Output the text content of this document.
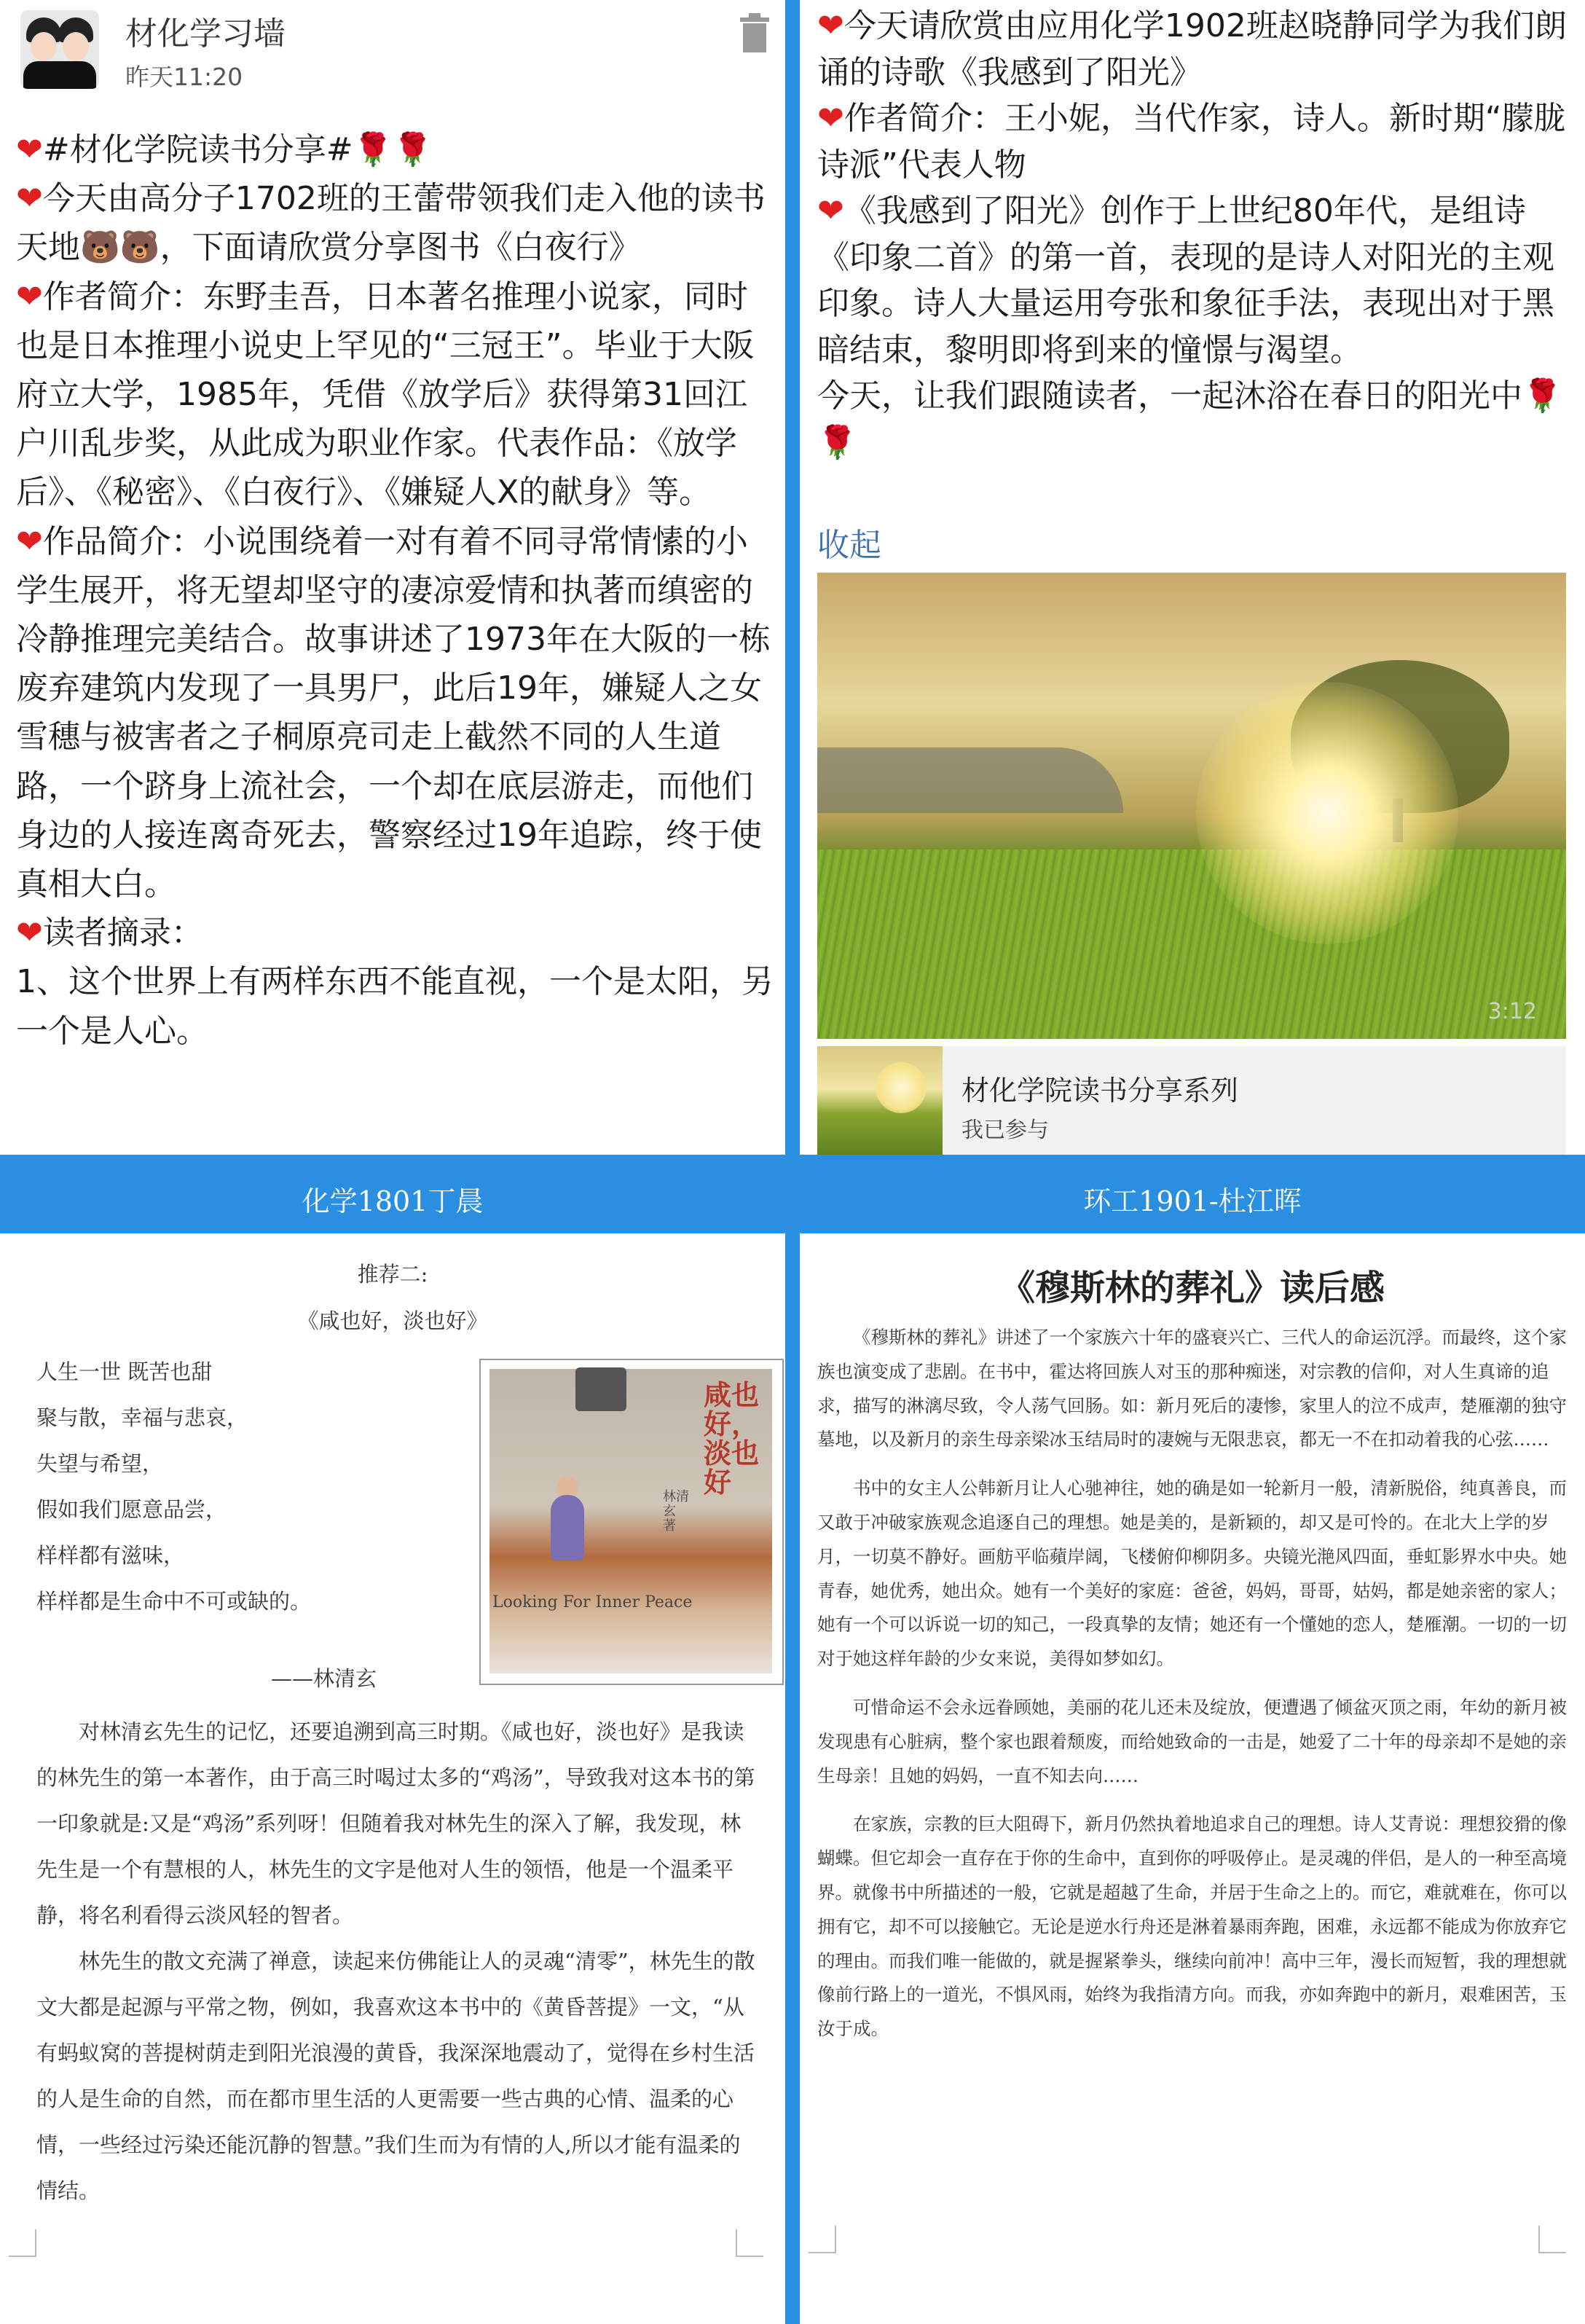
材化学习墙
昨天11:20

❤#材化学院读书分享#🌹🌹

❤今天由高分子1702班的王蕾带领我们走入他的读书天地🐻🐻，下面请欣赏分享图书《白夜行》

❤作者简介：东野圭吾，日本著名推理小说家，同时也是日本推理小说史上罕见的“三冠王”。毕业于大阪府立大学，1985年，凭借《放学后》获得第31回江户川乱步奖，从此成为职业作家。代表作品：《放学后》、《秘密》、《白夜行》、《嫌疑人X的献身》等。

❤作品简介：小说围绕着一对有着不同寻常情愫的小学生展开，将无望却坚守的凄凉爱情和执著而缜密的冷静推理完美结合。故事讲述了1973年在大阪的一栋废弃建筑内发现了一具男尸，此后19年，嫌疑人之女雪穗与被害者之子桐原亮司走上截然不同的人生道路，一个跻身上流社会，一个却在底层游走，而他们身边的人接连离奇死去，警察经过19年追踪，终于使真相大白。

❤读者摘录：

1、这个世界上有两样东西不能直视，一个是太阳，另一个是人心。

❤今天请欣赏由应用化学1902班赵晓静同学为我们朗诵的诗歌《我感到了阳光》

❤作者简介：王小妮，当代作家，诗人。新时期“朦胧诗派”代表人物

❤《我感到了阳光》创作于上世纪80年代，是组诗《印象二首》的第一首，表现的是诗人对阳光的主观印象。诗人大量运用夸张和象征手法，表现出对于黑暗结束，黎明即将到来的憧憬与渴望。

今天，让我们跟随读者，一起沐浴在春日的阳光中🌹🌹

收起
3:12
材化学院读书分享系列
我已参与
化学1801丁晨
推荐二:
《咸也好，淡也好》
人生一世 既苦也甜
聚与散，幸福与悲哀，
失望与希望，
假如我们愿意品尝，
样样都有滋味，
样样都是生命中不可或缺的。
咸也好，淡也好
林清玄 著
Looking For Inner Peace
——林清玄

对林清玄先生的记忆，还要追溯到高三时期。《咸也好，淡也好》是我读的林先生的第一本著作，由于高三时喝过太多的“鸡汤”，导致我对这本书的第一印象就是:又是“鸡汤”系列呀！但随着我对林先生的深入了解，我发现，林先生是一个有慧根的人，林先生的文字是他对人生的领悟，他是一个温柔平静，将名利看得云淡风轻的智者。

林先生的散文充满了禅意，读起来仿佛能让人的灵魂“清零”，林先生的散文大都是起源与平常之物，例如，我喜欢这本书中的《黄昏菩提》一文，“从有蚂蚁窝的菩提树荫走到阳光浪漫的黄昏，我深深地震动了，觉得在乡村生活的人是生命的自然，而在都市里生活的人更需要一些古典的心情、温柔的心情，一些经过污染还能沉静的智慧。”我们生而为有情的人,所以才能有温柔的情结。

环工1901-杜江晖
《穆斯林的葬礼》读后感

《穆斯林的葬礼》讲述了一个家族六十年的盛衰兴亡、三代人的命运沉浮。而最终，这个家族也演变成了悲剧。在书中，霍达将回族人对玉的那种痴迷，对宗教的信仰，对人生真谛的追求，描写的淋漓尽致，令人荡气回肠。如：新月死后的凄惨，家里人的泣不成声，楚雁潮的独守墓地，以及新月的亲生母亲梁冰玉结局时的凄婉与无限悲哀，都无一不在扣动着我的心弦……

书中的女主人公韩新月让人心驰神往，她的确是如一轮新月一般，清新脱俗，纯真善良，而又敢于冲破家族观念追逐自己的理想。她是美的，是新颖的，却又是可怜的。在北大上学的岁月，一切莫不静好。画舫平临蘋岸阔，飞楼俯仰柳阴多。央镜光滟风四面，垂虹影界水中央。她青春，她优秀，她出众。她有一个美好的家庭：爸爸，妈妈，哥哥，姑妈，都是她亲密的家人；她有一个可以诉说一切的知己，一段真挚的友情；她还有一个懂她的恋人，楚雁潮。一切的一切对于她这样年龄的少女来说，美得如梦如幻。

可惜命运不会永远眷顾她，美丽的花儿还未及绽放，便遭遇了倾盆灭顶之雨，年幼的新月被发现患有心脏病，整个家也跟着颓废，而给她致命的一击是，她爱了二十年的母亲却不是她的亲生母亲！且她的妈妈，一直不知去向……

在家族，宗教的巨大阻碍下，新月仍然执着地追求自己的理想。诗人艾青说：理想狡猾的像蝴蝶。但它却会一直存在于你的生命中，直到你的呼吸停止。是灵魂的伴侣，是人的一种至高境界。就像书中所描述的一般，它就是超越了生命，并居于生命之上的。而它，难就难在，你可以拥有它，却不可以接触它。无论是逆水行舟还是淋着暴雨奔跑，困难，永远都不能成为你放弃它的理由。而我们唯一能做的，就是握紧拳头，继续向前冲！高中三年，漫长而短暂，我的理想就像前行路上的一道光，不惧风雨，始终为我指清方向。而我，亦如奔跑中的新月，艰难困苦，玉汝于成。
